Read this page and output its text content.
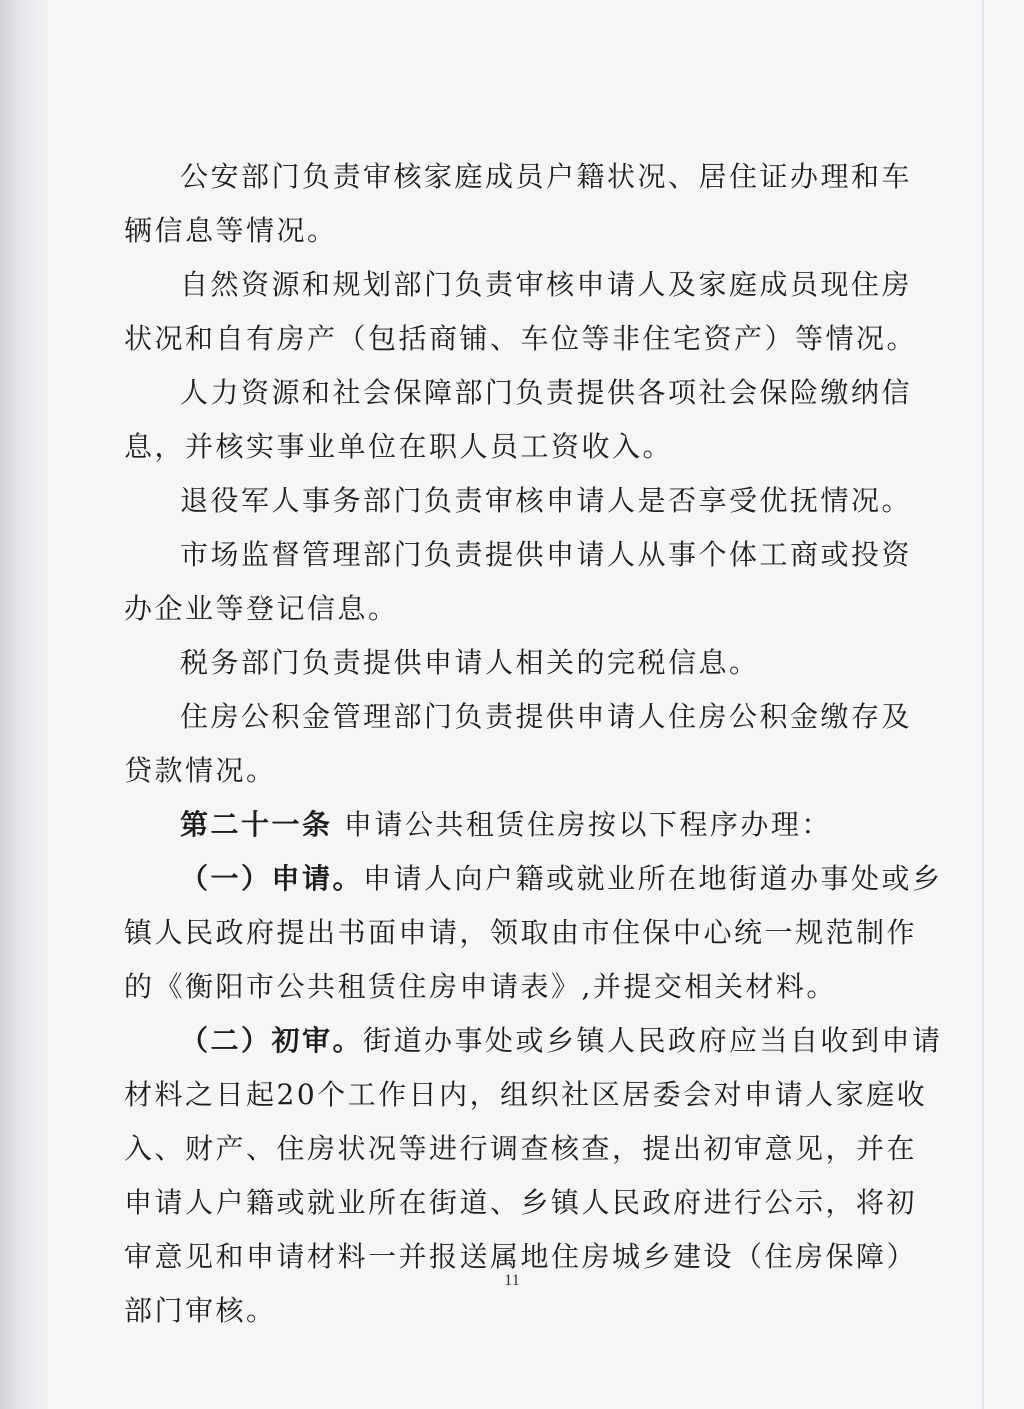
公安部门负责审核家庭成员户籍状况、居住证办理和车
辆信息等情况。
自然资源和规划部门负责审核申请人及家庭成员现住房
状况和自有房产（包括商铺、车位等非住宅资产）等情况。
人力资源和社会保障部门负责提供各项社会保险缴纳信
息，并核实事业单位在职人员工资收入。
退役军人事务部门负责审核申请人是否享受优抚情况。
市场监督管理部门负责提供申请人从事个体工商或投资
办企业等登记信息。
税务部门负责提供申请人相关的完税信息。
住房公积金管理部门负责提供申请人住房公积金缴存及
贷款情况。
第二十一条 申请公共租赁住房按以下程序办理：
（一）申请。申请人向户籍或就业所在地街道办事处或乡
镇人民政府提出书面申请，领取由市住保中心统一规范制作
的《衡阳市公共租赁住房申请表》,并提交相关材料。
（二）初审。街道办事处或乡镇人民政府应当自收到申请
材料之日起20个工作日内，组织社区居委会对申请人家庭收
入、财产、住房状况等进行调查核查，提出初审意见，并在
申请人户籍或就业所在街道、乡镇人民政府进行公示，将初
审意见和申请材料一并报送属地住房城乡建设（住房保障）
部门审核。
11
